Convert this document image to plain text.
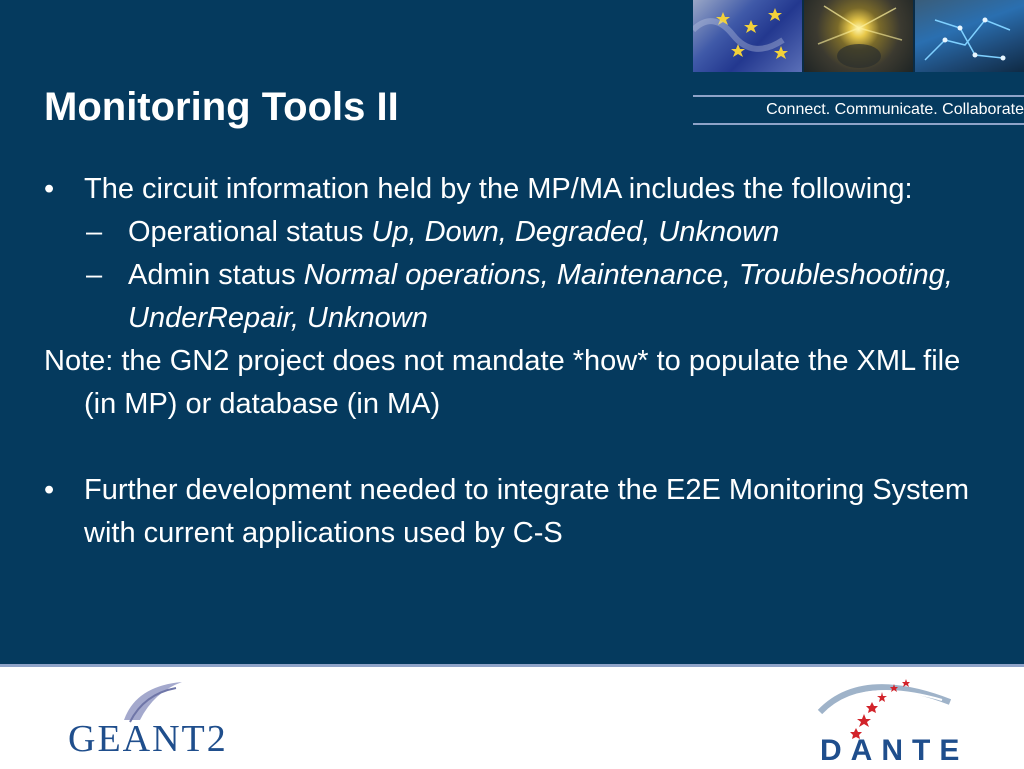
Connect. Communicate. Collaborate
Monitoring Tools II
• The circuit information held by the MP/MA includes the following:
– Operational status Up, Down, Degraded, Unknown
– Admin status Normal operations, Maintenance, Troubleshooting, UnderRepair, Unknown
Note: the GN2 project does not mandate *how* to populate the XML file (in MP) or database (in MA)
• Further development needed to integrate the E2E Monitoring System with current applications used by C-S
GEANT2	DANTE
